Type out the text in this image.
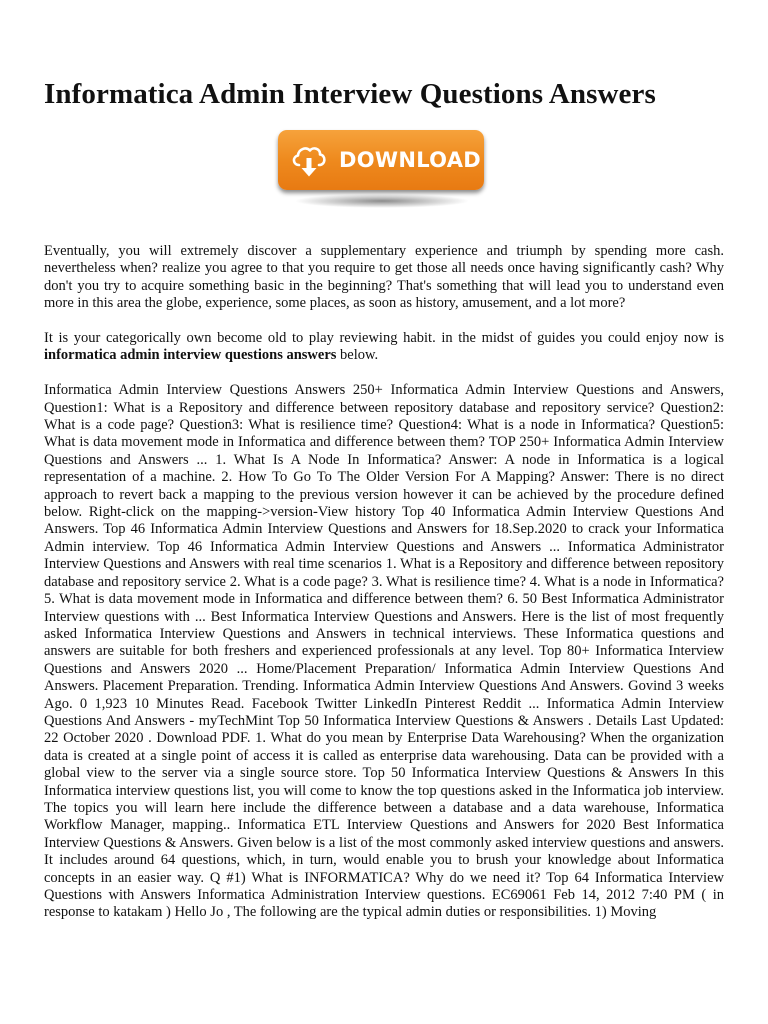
Informatica Admin Interview Questions Answers
DOWNLOAD

Eventually, you will extremely discover a supplementary experience and triumph by spending more cash. nevertheless when? realize you agree to that you require to get those all needs once having significantly cash? Why don't you try to acquire something basic in the beginning? That's something that will lead you to understand even more in this area the globe, experience, some places, as soon as history, amusement, and a lot more?

It is your categorically own become old to play reviewing habit. in the midst of guides you could enjoy now is informatica admin interview questions answers below.

Informatica Admin Interview Questions Answers 250+ Informatica Admin Interview Questions and Answers, Question1: What is a Repository and difference between repository database and repository service? Question2: What is a code page? Question3: What is resilience time? Question4: What is a node in Informatica? Question5: What is data movement mode in Informatica and difference between them? TOP 250+ Informatica Admin Interview Questions and Answers ... 1. What Is A Node In Informatica? Answer: A node in Informatica is a logical representation of a machine. 2. How To Go To The Older Version For A Mapping? Answer: There is no direct approach to revert back a mapping to the previous version however it can be achieved by the procedure defined below. Right-click on the mapping->version-View history Top 40 Informatica Admin Interview Questions And Answers. Top 46 Informatica Admin Interview Questions and Answers for 18.Sep.2020 to crack your Informatica Admin interview. Top 46 Informatica Admin Interview Questions and Answers ... Informatica Administrator Interview Questions and Answers with real time scenarios 1. What is a Repository and difference between repository database and repository service 2. What is a code page? 3. What is resilience time? 4. What is a node in Informatica? 5. What is data movement mode in Informatica and difference between them? 6. 50 Best Informatica Administrator Interview questions with ... Best Informatica Interview Questions and Answers. Here is the list of most frequently asked Informatica Interview Questions and Answers in technical interviews. These Informatica questions and answers are suitable for both freshers and experienced professionals at any level. Top 80+ Informatica Interview Questions and Answers 2020 ... Home/Placement Preparation/ Informatica Admin Interview Questions And Answers. Placement Preparation. Trending. Informatica Admin Interview Questions And Answers. Govind 3 weeks Ago. 0 1,923 10 Minutes Read. Facebook Twitter LinkedIn Pinterest Reddit ... Informatica Admin Interview Questions And Answers - myTechMint Top 50 Informatica Interview Questions & Answers . Details Last Updated: 22 October 2020 . Download PDF. 1. What do you mean by Enterprise Data Warehousing? When the organization data is created at a single point of access it is called as enterprise data warehousing. Data can be provided with a global view to the server via a single source store. Top 50 Informatica Interview Questions & Answers In this Informatica interview questions list, you will come to know the top questions asked in the Informatica job interview. The topics you will learn here include the difference between a database and a data warehouse, Informatica Workflow Manager, mapping.. Informatica ETL Interview Questions and Answers for 2020 Best Informatica Interview Questions & Answers. Given below is a list of the most commonly asked interview questions and answers. It includes around 64 questions, which, in turn, would enable you to brush your knowledge about Informatica concepts in an easier way. Q #1) What is INFORMATICA? Why do we need it? Top 64 Informatica Interview Questions with Answers Informatica Administration Interview questions. EC69061 Feb 14, 2012 7:40 PM ( in response to katakam ) Hello Jo , The following are the typical admin duties or responsibilities. 1) Moving
